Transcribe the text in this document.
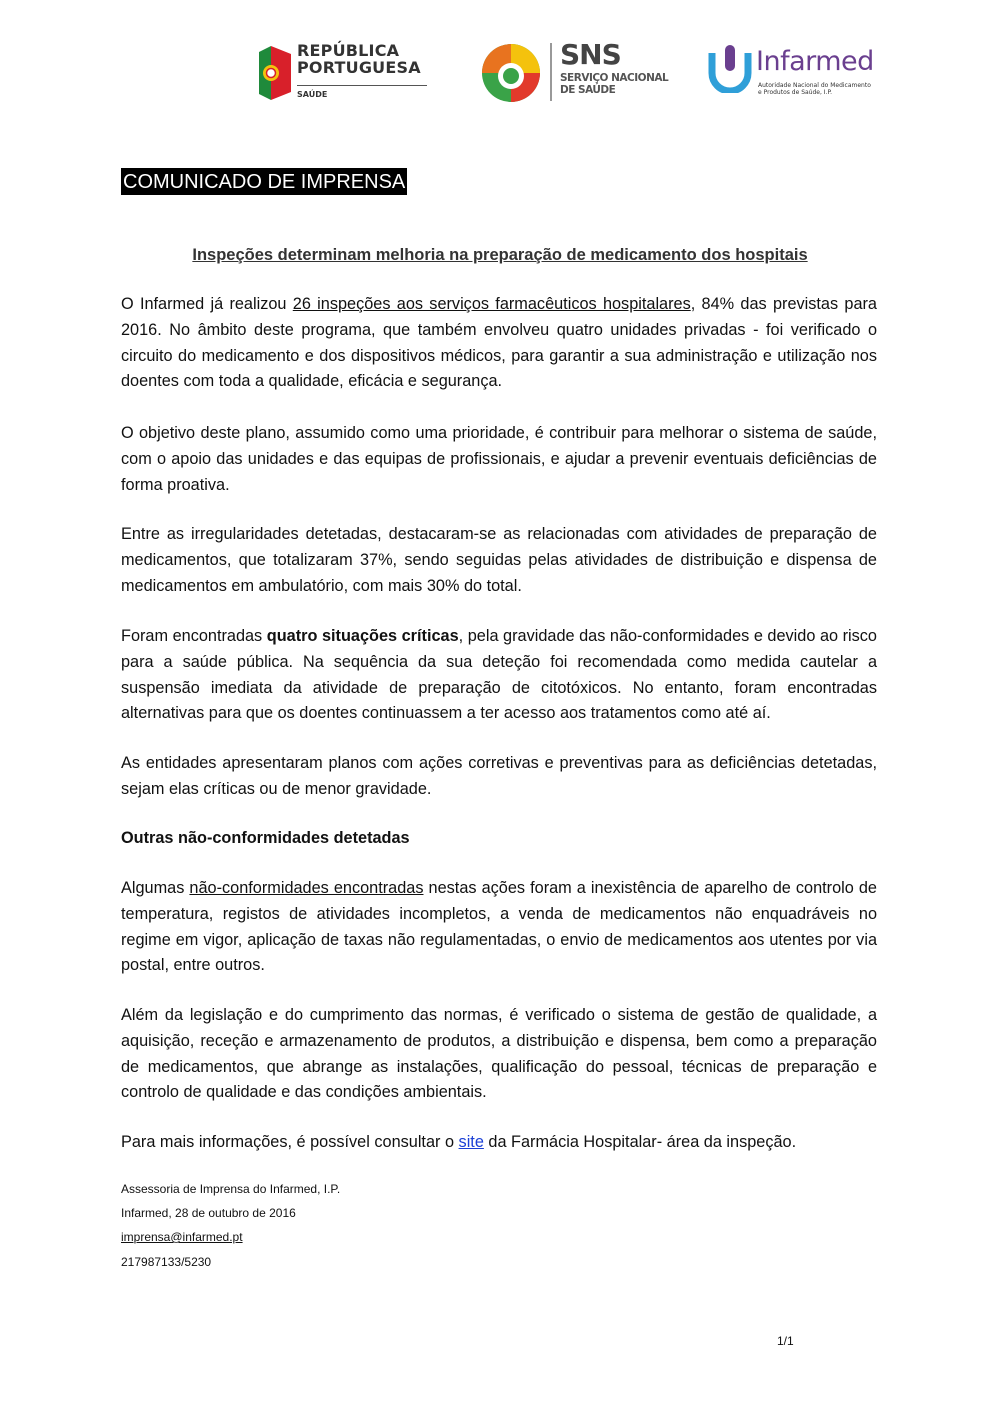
REPÚBLICA
PORTUGUESA
SAÚDE
SNS
SERVIÇO NACIONAL
DE SAÚDE
Infarmed
Autoridade Nacional do Medicamento
e Produtos de Saúde, I.P.
COMUNICADO DE IMPRENSA
Inspeções determinam melhoria na preparação de medicamento dos hospitais
O Infarmed já realizou 26 inspeções aos serviços farmacêuticos hospitalares, 84% das previstas para 2016. No âmbito deste programa, que também envolveu quatro unidades privadas - foi verificado o circuito do medicamento e dos dispositivos médicos, para garantir a sua administração e utilização nos doentes com toda a qualidade, eficácia e segurança.
O objetivo deste plano, assumido como uma prioridade, é contribuir para melhorar o sistema de saúde, com o apoio das unidades e das equipas de profissionais, e ajudar a prevenir eventuais deficiências de forma proativa.
Entre as irregularidades detetadas, destacaram-se as relacionadas com atividades de preparação de medicamentos, que totalizaram 37%, sendo seguidas pelas atividades de distribuição e dispensa de medicamentos em ambulatório, com mais 30% do total.
Foram encontradas quatro situações críticas, pela gravidade das não-conformidades e devido ao risco para a saúde pública. Na sequência da sua deteção foi recomendada como medida cautelar a suspensão imediata da atividade de preparação de citotóxicos. No entanto, foram encontradas alternativas para que os doentes continuassem a ter acesso aos tratamentos como até aí.
As entidades apresentaram planos com ações corretivas e preventivas para as deficiências detetadas, sejam elas críticas ou de menor gravidade.
Outras não-conformidades detetadas
Algumas não-conformidades encontradas nestas ações foram a inexistência de aparelho de controlo de temperatura, registos de atividades incompletos, a venda de medicamentos não enquadráveis no regime em vigor, aplicação de taxas não regulamentadas, o envio de medicamentos aos utentes por via postal, entre outros.
Além da legislação e do cumprimento das normas, é verificado o sistema de gestão de qualidade, a aquisição, receção e armazenamento de produtos, a distribuição e dispensa, bem como a preparação de medicamentos, que abrange as instalações, qualificação do pessoal, técnicas de preparação e controlo de qualidade e das condições ambientais.
Para mais informações, é possível consultar o site da Farmácia Hospitalar- área da inspeção.
Assessoria de Imprensa do Infarmed, I.P.
Infarmed, 28 de outubro de 2016
imprensa@infarmed.pt
217987133/5230
1/1
